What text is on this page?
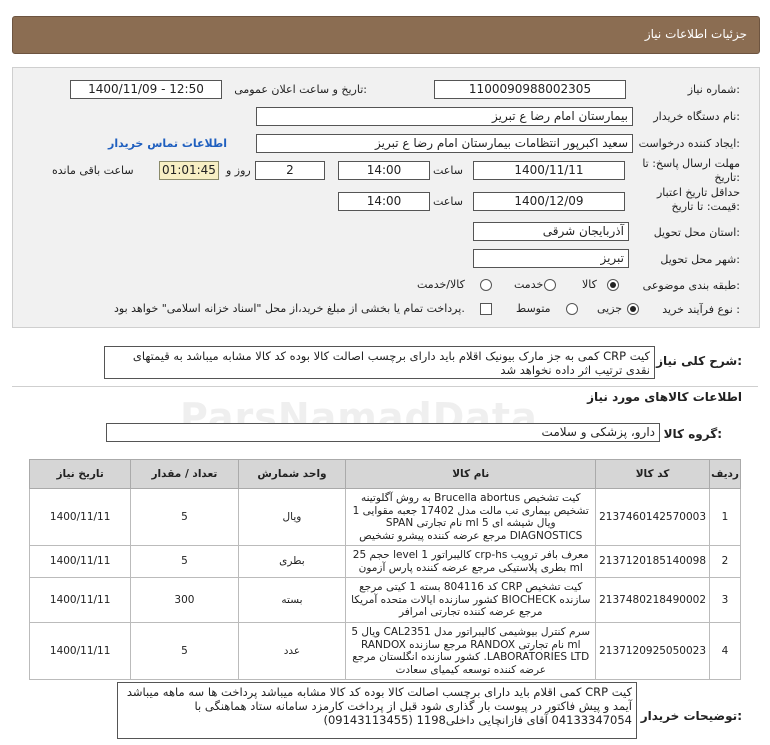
جزئیات اطلاعات نیاز
شماره نیاز:
1100090988002305
تاریخ و ساعت اعلان عمومی:
1400/11/09 - 12:50
نام دستگاه خریدار:
بیمارستان امام رضا ع تبریز
ایجاد کننده درخواست:
سعید اکبرپور انتظامات بیمارستان امام رضا ع تبریز
اطلاعات تماس خریدار
مهلت ارسال پاسخ: تا تاریخ:
1400/11/11
ساعت
14:00
2
روز و
01:01:45
ساعت باقی مانده
حداقل تاریخ اعتبار قیمت: تا تاریخ:
1400/12/09
ساعت
14:00
استان محل تحویل:
آذربایجان شرقی
شهر محل تحویل:
تبریز
طبقه بندی موضوعی:
کالا
خدمت
کالا/خدمت
نوع فرآیند خرید :
جزیی
متوسط
پرداخت تمام یا بخشی از مبلغ خرید،از محل "اسناد خزانه اسلامی" خواهد بود.
شرح کلی نیاز:
کیت CRP کمی به جز مارک بیونیک اقلام باید دارای برچسب اصالت کالا بوده کد کالا مشابه میباشد به قیمتهای نقدی ترتیب اثر داده نخواهد شد
ParsNamadData	اطلاعات کالاهای مورد نیاز
گروه کالا:
دارو، پزشکی و سلامت
ردیف	کد کالا	نام کالا	واحد شمارش	تعداد / مقدار	تاریخ نیاز
1	2137460142570003	کیت تشخیص Brucella abortus به روش آگلوتینه تشخیص بیماری تب مالت مدل 17402 جعبه مقوایی 1 ویال شیشه ای 5 ml نام تجارتی SPAN DIAGNOSTICS مرجع عرضه کننده پیشرو تشخیص	ویال	5	1400/11/11
2	2137120185140098	معرف بافر تروپب crp-hs کالیبراتور level 1 حجم 25 ml بطری پلاستیکی مرجع عرضه کننده پارس آزمون	بطری	5	1400/11/11
3	2137480218490002	کیت تشخیص CRP کد 804116 بسته 1 کیتی مرجع سازنده BIOCHECK کشور سازنده ایالات متحده آمریکا مرجع عرضه کننده تجارتی امرافر	بسته	300	1400/11/11
4	2137120925050023	سرم کنترل بیوشیمی کالیبراتور مدل CAL2351 ویال 5 ml نام تجارتی RANDOX مرجع سازنده RANDOX LABORATORIES LTD. کشور سازنده انگلستان مرجع عرضه کننده توسعه کیمیای سعادت	عدد	5	1400/11/11
توضیحات خریدار:
کیت CRP کمی اقلام باید دارای برچسب اصالت کالا بوده کد کالا مشابه میباشد پرداخت ها سه ماهه میباشد آیمد و پیش فاکتور در پیوست بار گذاری شود قبل از پرداخت کارمزد سامانه ستاد هماهنگی با 04133347054 آقای فازانچایی داخلی1198 (09143113455)
